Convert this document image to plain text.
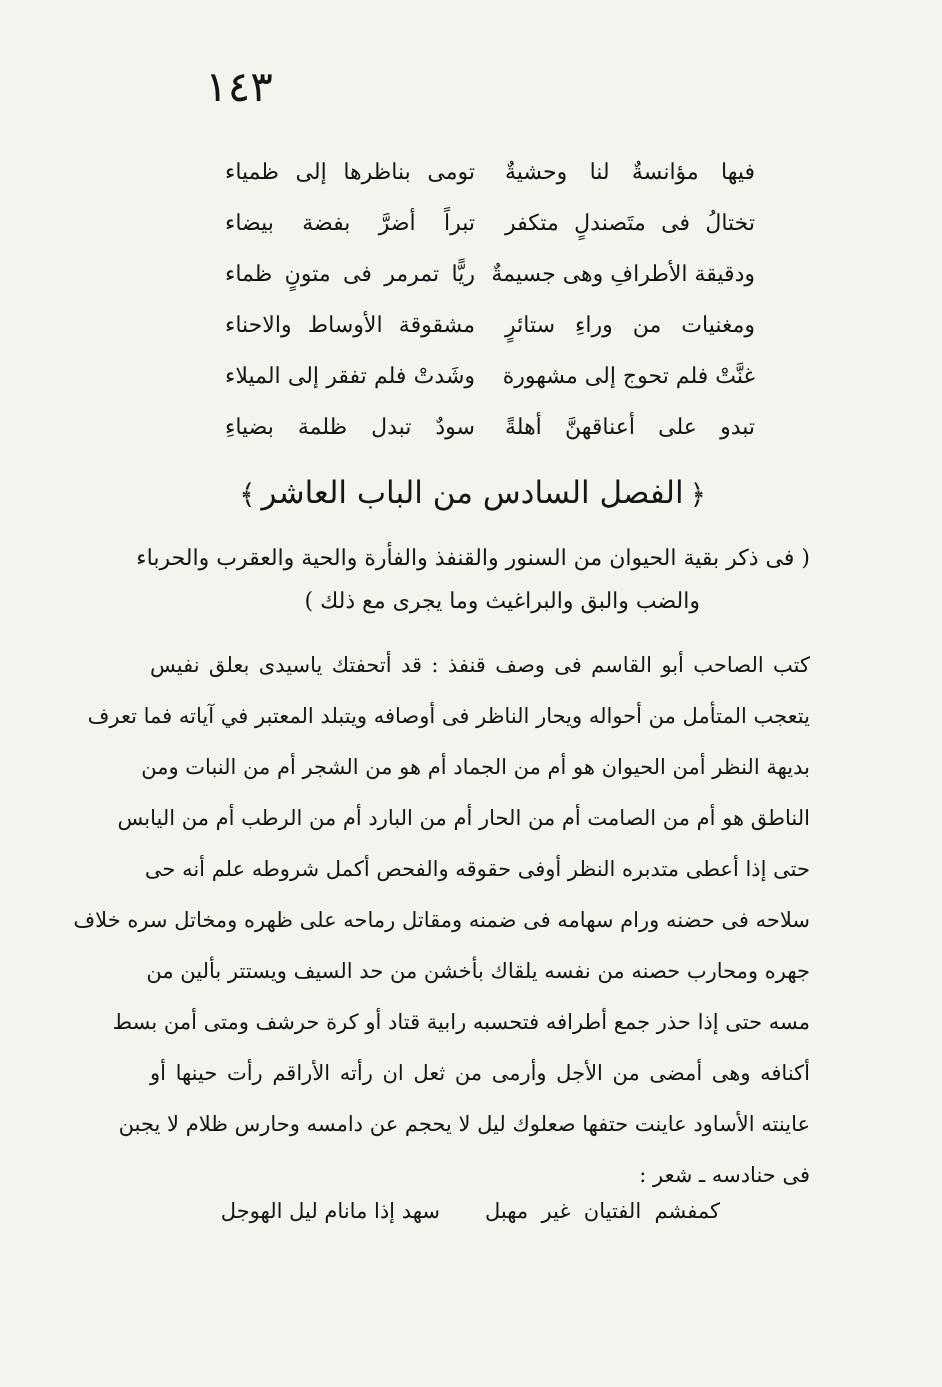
١٤٣
فيها مؤانسةٌ لنا وحشيةٌ
تومى بناظرها إلى ظمياء
تختالُ فى متَصندلٍ متكفر
تبراً أضرَّ بفضة بيضاء
ودقيقة الأطرافِ وهى جسيمةٌ
ريًّا تمرمر فى متونٍ ظماء
ومغنيات من وراءِ ستائرٍ
مشقوقة الأوساط والاحناء
غنَّتْ فلم تحوج إلى مشهورة
وشَدتْ فلم تفقر إلى الميلاء
تبدو على أعناقهنَّ أهلةً
سودٌ تبدل ظلمة بضياءِ
﴿الفصل السادس من الباب العاشر﴾
( فى ذكر بقية الحيوان من السنور والقنفذ والفأرة والحية والعقرب والحرباء
والضب والبق والبراغيث وما يجرى مع ذلك )
كتب الصاحب أبو القاسم فى وصف قنفذ : قد أتحفتك ياسيدى بعلق نفيس
يتعجب المتأمل من أحواله ويحار الناظر فى أوصافه ويتبلد المعتبر في آياته فما تعرف
بديهة النظر أمن الحيوان هو أم من الجماد أم هو من الشجر أم من النبات ومن
الناطق هو أم من الصامت أم من الحار أم من البارد أم من الرطب أم من اليابس
حتى إذا أعطى متدبره النظر أوفى حقوقه والفحص أكمل شروطه علم أنه حى
سلاحه فى حضنه ورام سهامه فى ضمنه ومقاتل رماحه على ظهره ومخاتل سره خلاف
جهره ومحارب حصنه من نفسه يلقاك بأخشن من حد السيف ويستتر بألين من
مسه حتى إذا حذر جمع أطرافه فتحسبه رابية قتاد أو كرة حرشف ومتى أمن بسط
أكنافه وهى أمضى من الأجل وأرمى من ثعل ان رأته الأراقم رأت حينها أو
عاينته الأساود عاينت حتفها صعلوك ليل لا يحجم عن دامسه وحارس ظلام لا يجبن
فى حنادسه ـ شعر :
كمفشم الفتيان غير مهبل
سهد إذا مانام ليل الهوجل
